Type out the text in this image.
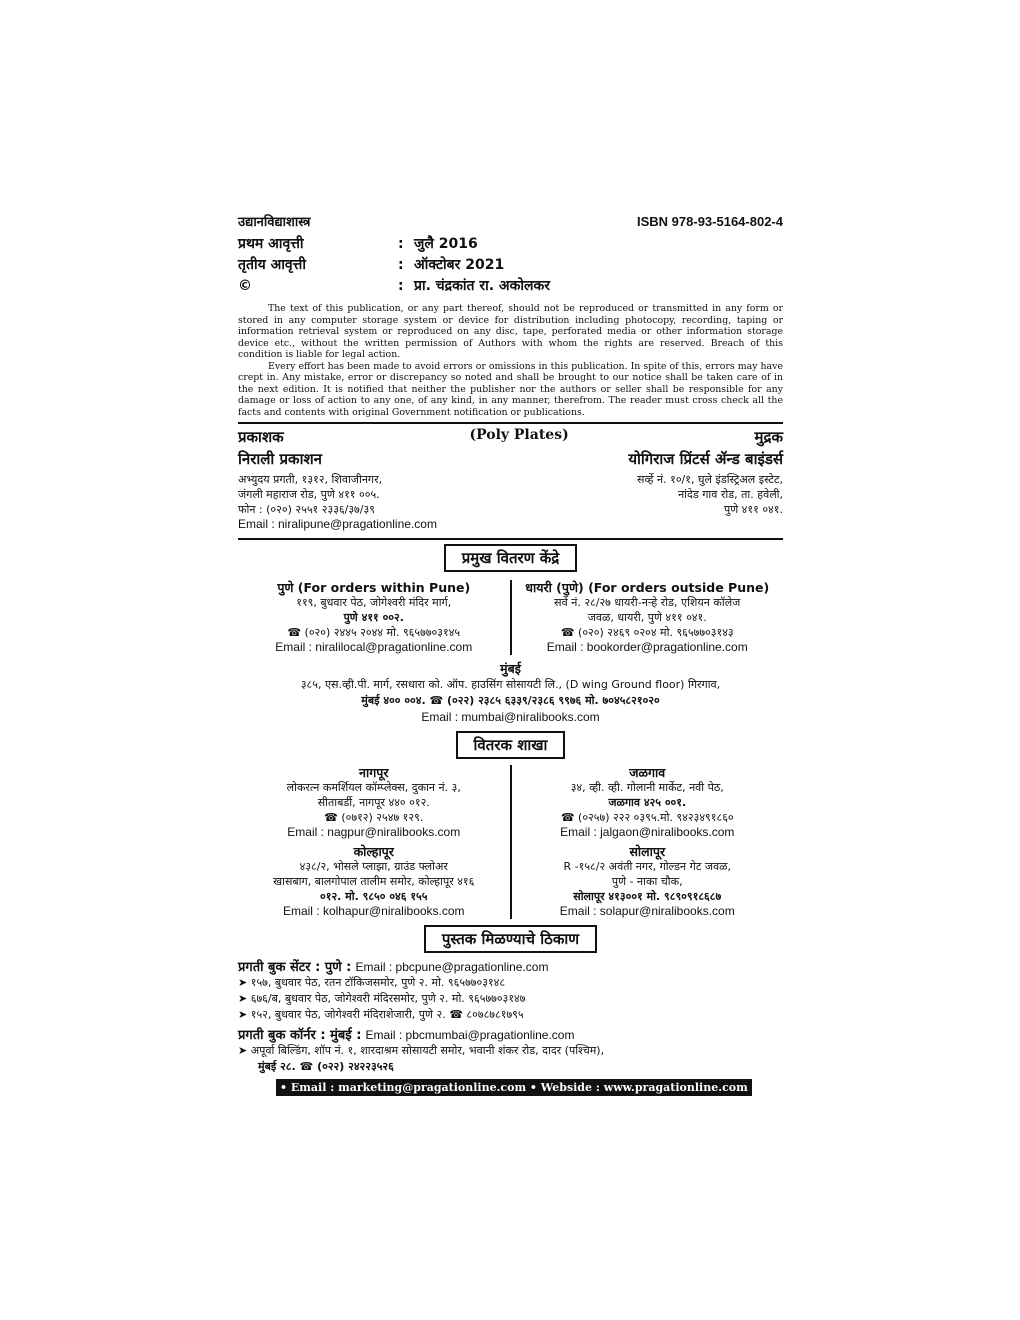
उद्यानविद्याशास्त्र	ISBN 978-93-5164-802-4
प्रथम आवृत्ती	: जुलै 2016
तृतीय आवृत्ती	: ऑक्टोबर 2021
©	: प्रा. चंद्रकांत रा. अकोलकर

The text of this publication, or any part thereof, should not be reproduced or transmitted in any form or stored in any computer storage system or device for distribution including photocopy, recording, taping or information retrieval system or reproduced on any disc, tape, perforated media or other information storage device etc., without the written permission of Authors with whom the rights are reserved. Breach of this condition is liable for legal action.

Every effort has been made to avoid errors or omissions in this publication. In spite of this, errors may have crept in. Any mistake, error or discrepancy so noted and shall be brought to our notice shall be taken care of in the next edition. It is notified that neither the publisher nor the authors or seller shall be responsible for any damage or loss of action to any one, of any kind, in any manner, therefrom. The reader must cross check all the facts and contents with original Government notification or publications.

प्रकाशक	(Poly Plates)	मुद्रक
निराली प्रकाशन	योगिराज प्रिंटर्स ॲन्ड बाइंडर्स
अभ्युदय प्रगती, १३१२, शिवाजीनगर,
जंगली महाराज रोड, पुणे ४११ ००५.
फोन : (०२०) २५५१ २३३६/३७/३९
Email : niralipune@pragationline.com
सर्व्हे नं. १०/१, घुले इंडस्ट्रिअल इस्टेट,
नांदेड गाव रोड, ता. हवेली,
पुणे ४११ ०४१.
प्रमुख वितरण केंद्रे
पुणे (For orders within Pune)
११९, बुधवार पेठ, जोगेश्वरी मंदिर मार्ग,
पुणे ४११ ००२.
☎ (०२०) २४४५ २०४४ मो. ९६५७७०३१४५
Email : niralilocal@pragationline.com
धायरी (पुणे) (For orders outside Pune)
सर्वे नं. २८/२७ धायरी-नऱ्हे रोड, एशियन कॉलेज
जवळ, धायरी, पुणे ४११ ०४१.
☎ (०२०) २४६९ ०२०४ मो. ९६५७७०३१४३
Email : bookorder@pragationline.com
मुंबई
३८५, एस.व्ही.पी. मार्ग, रसधारा को. ऑप. हाउसिंग सोसायटी लि., (D wing Ground floor) गिरगाव,
मुंबई ४०० ००४. ☎ (०२२) २३८५ ६३३९/२३८६ ९९७६ मो. ७०४५८२१०२०
Email : mumbai@niralibooks.com
वितरक शाखा
नागपूर
लोकरत्न कमर्शियल कॉम्प्लेक्स, दुकान नं. ३,
सीताबर्डी, नागपूर ४४० ०१२.
☎ (०७१२) २५४७ १२९.
Email : nagpur@niralibooks.com
कोल्हापूर
४३८/२, भोसले प्लाझा, ग्राउंड फ्लोअर
खासबाग, बालगोपाल तालीम समोर, कोल्हापूर ४१६
०१२. मो. ९८५० ०४६ १५५
Email : kolhapur@niralibooks.com
जळगाव
३४, व्ही. व्ही. गोलानी मार्केट, नवी पेठ,
जळगाव ४२५ ००१.
☎ (०२५७) २२२ ०३९५.मो. ९४२३४९१८६०
Email : jalgaon@niralibooks.com
सोलापूर
R -१५८/२ अवंती नगर, गोल्डन गेट जवळ,
पुणे - नाका चौक,
सोलापूर ४१३००१ मो. ९८९०९१८६८७
Email : solapur@niralibooks.com
पुस्तक मिळण्याचे ठिकाण
प्रगती बुक सेंटर : पुणे : Email : pbcpune@pragationline.com
➤ १५७, बुधवार पेठ, रतन टॉकिजसमोर, पुणे २. मो. ९६५७७०३१४८
➤ ६७६/ब, बुधवार पेठ, जोगेश्वरी मंदिरसमोर, पुणे २. मो. ९६५७७०३१४७
➤ १५२, बुधवार पेठ, जोगेश्वरी मंदिराशेजारी, पुणे २. ☎ ८०७८७८१७९५
प्रगती बुक कॉर्नर : मुंबई : Email : pbcmumbai@pragationline.com
➤ अपूर्वा बिल्डिंग, शॉप नं. १, शारदाश्रम सोसायटी समोर, भवानी शंकर रोड, दादर (पश्चिम),
मुंबई २८. ☎ (०२२) २४२२३५२६
• Email : marketing@pragationline.com • Webside : www.pragationline.com
